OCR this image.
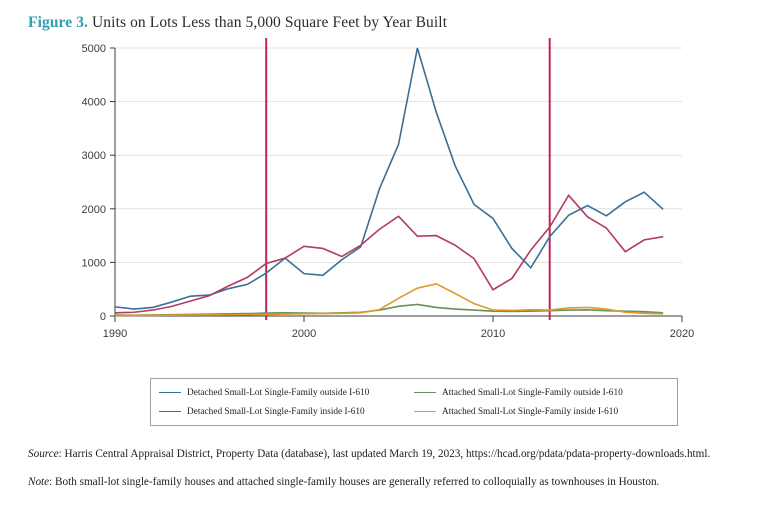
Figure 3. Units on Lots Less than 5,000 Square Feet by Year Built
0
1000
2000
3000
4000
5000
1990	2000	2010	2020
Detached Small-Lot Single-Family outside I-610	Attached Small-Lot Single-Family outside I-610
Detached Small-Lot Single-Family inside I-610	Attached Small-Lot Single-Family inside I-610
Source: Harris Central Appraisal District, Property Data (database), last updated March 19, 2023, https://hcad.org/pdata/pdata-property-downloads.html.
Note: Both small-lot single-family houses and attached single-family houses are generally referred to colloquially as townhouses in Houston.
